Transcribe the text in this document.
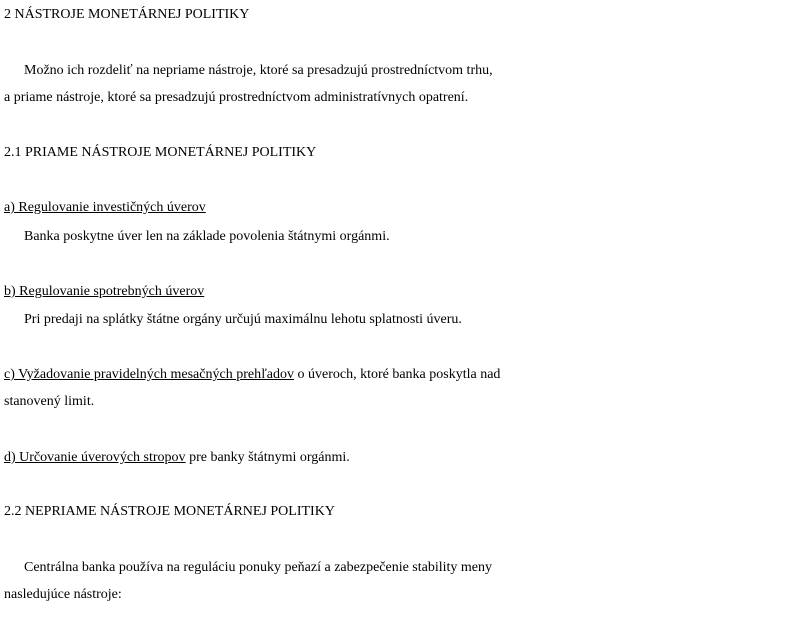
2 NÁSTROJE MONETÁRNEJ POLITIKY
Možno ich rozdeliť na nepriame nástroje, ktoré sa presadzujú prostredníctvom trhu,
a priame nástroje, ktoré sa presadzujú prostredníctvom administratívnych opatrení.
2.1 PRIAME NÁSTROJE MONETÁRNEJ POLITIKY
a) Regulovanie investičných úverov
Banka poskytne úver len na základe povolenia štátnymi orgánmi.
b) Regulovanie spotrebných úverov
Pri predaji na splátky štátne orgány určujú maximálnu lehotu splatnosti úveru.
c) Vyžadovanie pravidelných mesačných prehľadov o úveroch, ktoré banka poskytla nad
stanovený limit.
d) Určovanie úverových stropov pre banky štátnymi orgánmi.
2.2 NEPRIAME NÁSTROJE MONETÁRNEJ POLITIKY
Centrálna banka používa na reguláciu ponuky peňazí a zabezpečenie stability meny
nasledujúce nástroje:
